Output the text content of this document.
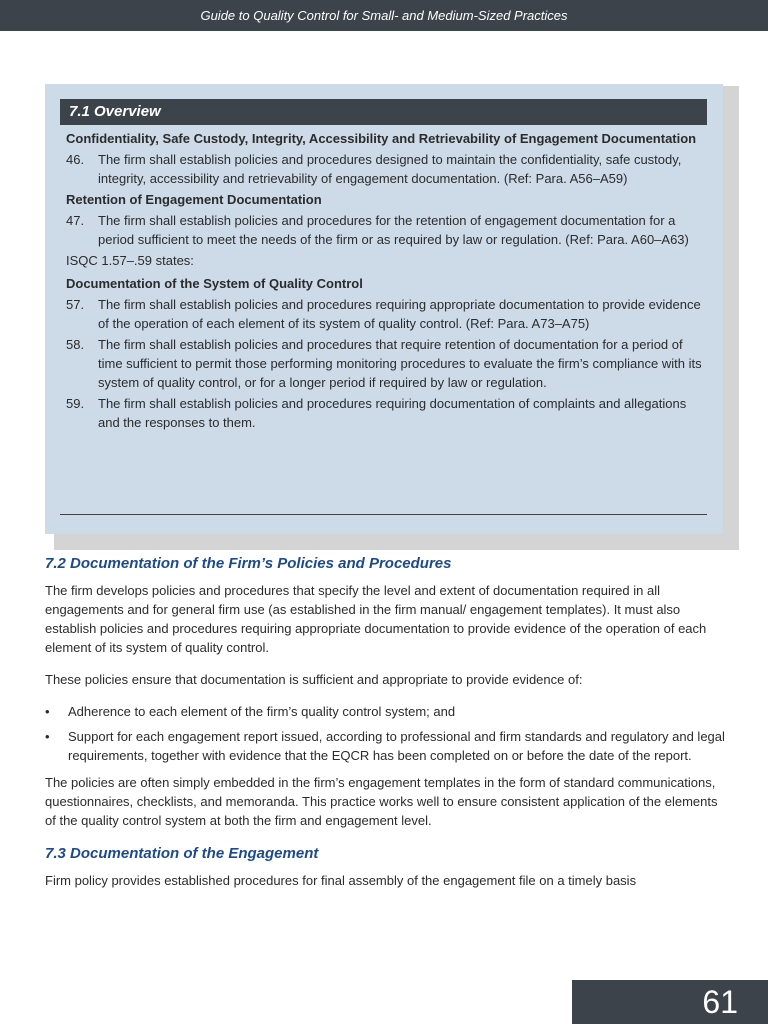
Guide to Quality Control for Small- and Medium-Sized Practices
7.1 Overview
Confidentiality, Safe Custody, Integrity, Accessibility and Retrievability of Engagement Documentation
46.	The firm shall establish policies and procedures designed to maintain the confidentiality, safe custody, integrity, accessibility and retrievability of engagement documentation. (Ref: Para. A56–A59)
Retention of Engagement Documentation
47.	The firm shall establish policies and procedures for the retention of engagement documentation for a period sufficient to meet the needs of the firm or as required by law or regulation. (Ref: Para. A60–A63)
ISQC 1.57–.59 states:
Documentation of the System of Quality Control
57.	The firm shall establish policies and procedures requiring appropriate documentation to provide evidence of the operation of each element of its system of quality control. (Ref: Para. A73–A75)
58.	The firm shall establish policies and procedures that require retention of documentation for a period of time sufficient to permit those performing monitoring procedures to evaluate the firm’s compliance with its system of quality control, or for a longer period if required by law or regulation.
59.	The firm shall establish policies and procedures requiring documentation of complaints and allegations and the responses to them.
7.2 Documentation of the Firm’s Policies and Procedures

The firm develops policies and procedures that specify the level and extent of documentation required in all engagements and for general firm use (as established in the firm manual/ engagement templates). It must also establish policies and procedures requiring appropriate documentation to provide evidence of the operation of each element of its system of quality control.

These policies ensure that documentation is sufficient and appropriate to provide evidence of:

•	Adherence to each element of the firm’s quality control system; and
•	Support for each engagement report issued, according to professional and firm standards and regulatory and legal requirements, together with evidence that the EQCR has been completed on or before the date of the report.

The policies are often simply embedded in the firm’s engagement templates in the form of standard communications, questionnaires, checklists, and memoranda. This practice works well to ensure consistent application of the elements of the quality control system at both the firm and engagement level.

7.3 Documentation of the Engagement

Firm policy provides established procedures for final assembly of the engagement file on a timely basis

61
